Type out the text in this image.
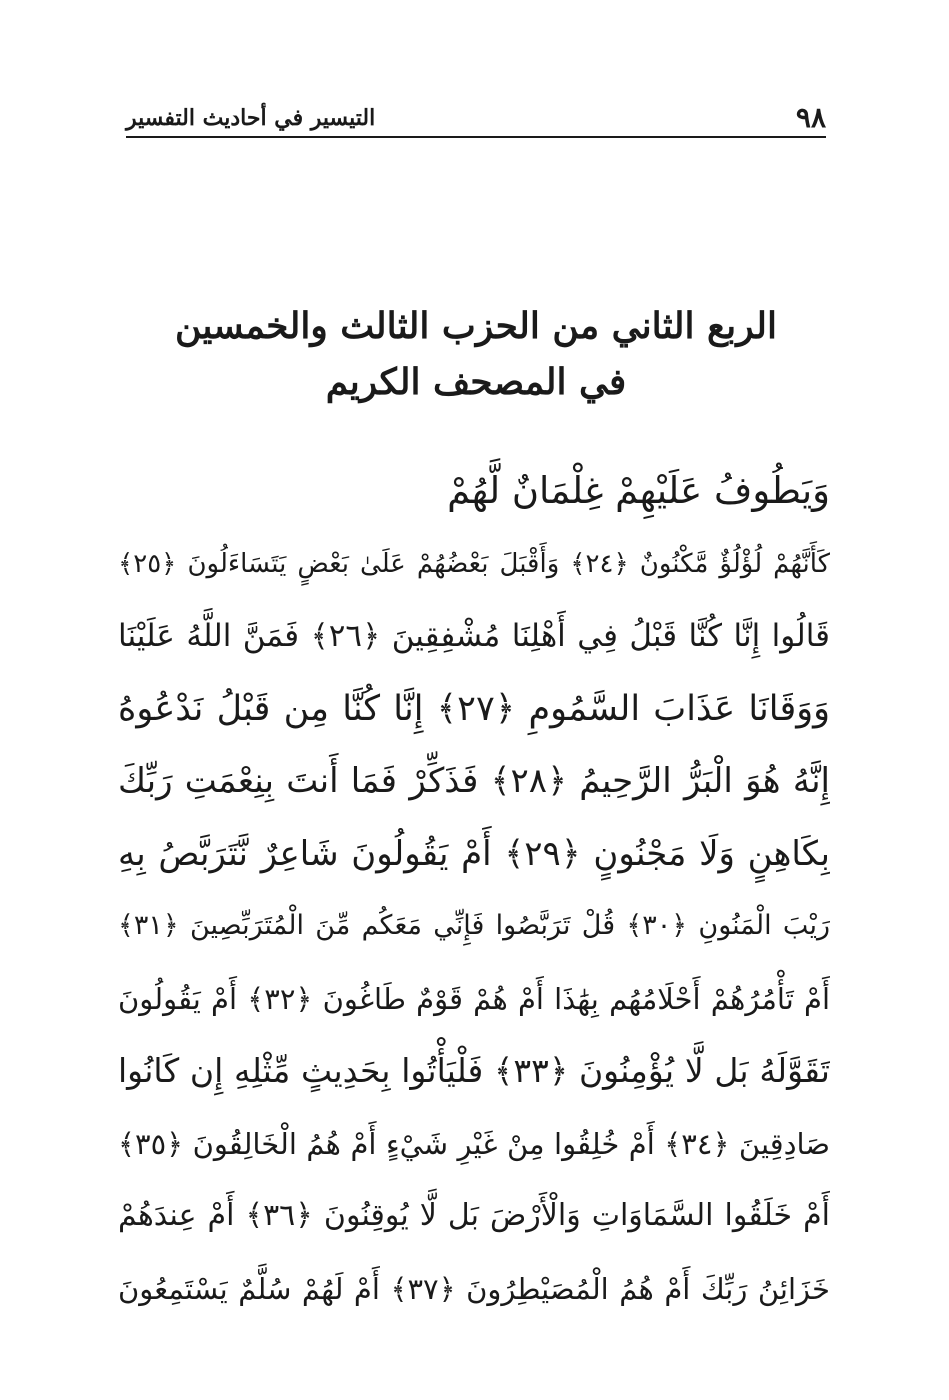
٩٨
التيسير في أحاديث التفسير
الربع الثاني من الحزب الثالث والخمسين
في المصحف الكريم
وَيَطُوفُ عَلَيْهِمْ غِلْمَانٌ لَّهُمْ
كَأَنَّهُمْ لُؤْلُؤٌ مَّكْنُونٌ ﴿٢٤﴾ وَأَقْبَلَ بَعْضُهُمْ عَلَىٰ بَعْضٍ يَتَسَاءَلُونَ ﴿٢٥﴾
قَالُوا إِنَّا كُنَّا قَبْلُ فِي أَهْلِنَا مُشْفِقِينَ ﴿٢٦﴾ فَمَنَّ اللَّهُ عَلَيْنَا
وَوَقَانَا عَذَابَ السَّمُومِ ﴿٢٧﴾ إِنَّا كُنَّا مِن قَبْلُ نَدْعُوهُ
إِنَّهُ هُوَ الْبَرُّ الرَّحِيمُ ﴿٢٨﴾ فَذَكِّرْ فَمَا أَنتَ بِنِعْمَتِ رَبِّكَ
بِكَاهِنٍ وَلَا مَجْنُونٍ ﴿٢٩﴾ أَمْ يَقُولُونَ شَاعِرٌ نَّتَرَبَّصُ بِهِ
رَيْبَ الْمَنُونِ ﴿٣٠﴾ قُلْ تَرَبَّصُوا فَإِنِّي مَعَكُم مِّنَ الْمُتَرَبِّصِينَ ﴿٣١﴾
أَمْ تَأْمُرُهُمْ أَحْلَامُهُم بِهَٰذَا أَمْ هُمْ قَوْمٌ طَاغُونَ ﴿٣٢﴾ أَمْ يَقُولُونَ
تَقَوَّلَهُ بَل لَّا يُؤْمِنُونَ ﴿٣٣﴾ فَلْيَأْتُوا بِحَدِيثٍ مِّثْلِهِ إِن كَانُوا
صَادِقِينَ ﴿٣٤﴾ أَمْ خُلِقُوا مِنْ غَيْرِ شَيْءٍ أَمْ هُمُ الْخَالِقُونَ ﴿٣٥﴾
أَمْ خَلَقُوا السَّمَاوَاتِ وَالْأَرْضَ بَل لَّا يُوقِنُونَ ﴿٣٦﴾ أَمْ عِندَهُمْ
خَزَائِنُ رَبِّكَ أَمْ هُمُ الْمُصَيْطِرُونَ ﴿٣٧﴾ أَمْ لَهُمْ سُلَّمٌ يَسْتَمِعُونَ
